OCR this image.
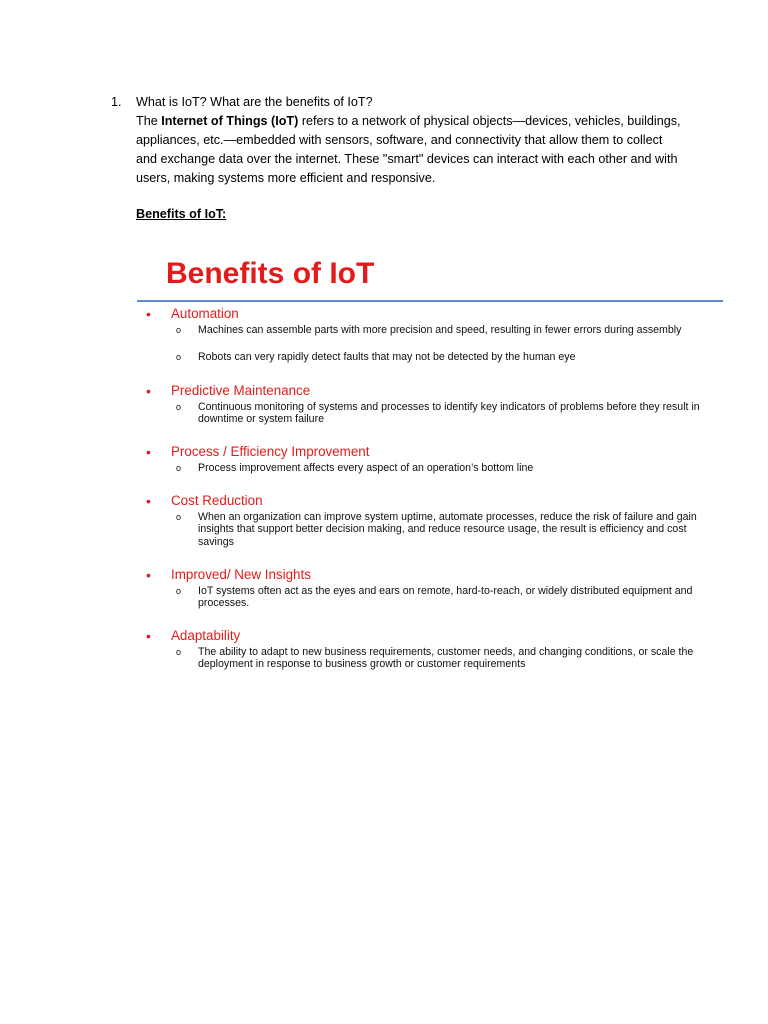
1. What is IoT? What are the benefits of IoT?

The Internet of Things (IoT) refers to a network of physical objects—devices, vehicles, buildings,

appliances, etc.—embedded with sensors, software, and connectivity that allow them to collect

and exchange data over the internet. These "smart" devices can interact with each other and with

users, making systems more efficient and responsive.

Benefits of IoT:
Benefits of IoT
• Automation
o Machines can assemble parts with more precision and speed, resulting in fewer errors during assembly
o Robots can very rapidly detect faults that may not be detected by the human eye
• Predictive Maintenance
o Continuous monitoring of systems and processes to identify key indicators of problems before they result in downtime or system failure
• Process / Efficiency Improvement
o Process improvement affects every aspect of an operation’s bottom line
• Cost Reduction
o When an organization can improve system uptime, automate processes, reduce the risk of failure and gain insights that support better decision making, and reduce resource usage, the result is efficiency and cost savings
• Improved/ New Insights
o IoT systems often act as the eyes and ears on remote, hard-to-reach, or widely distributed equipment and processes.
• Adaptability
o The ability to adapt to new business requirements, customer needs, and changing conditions, or scale the deployment in response to business growth or customer requirements
